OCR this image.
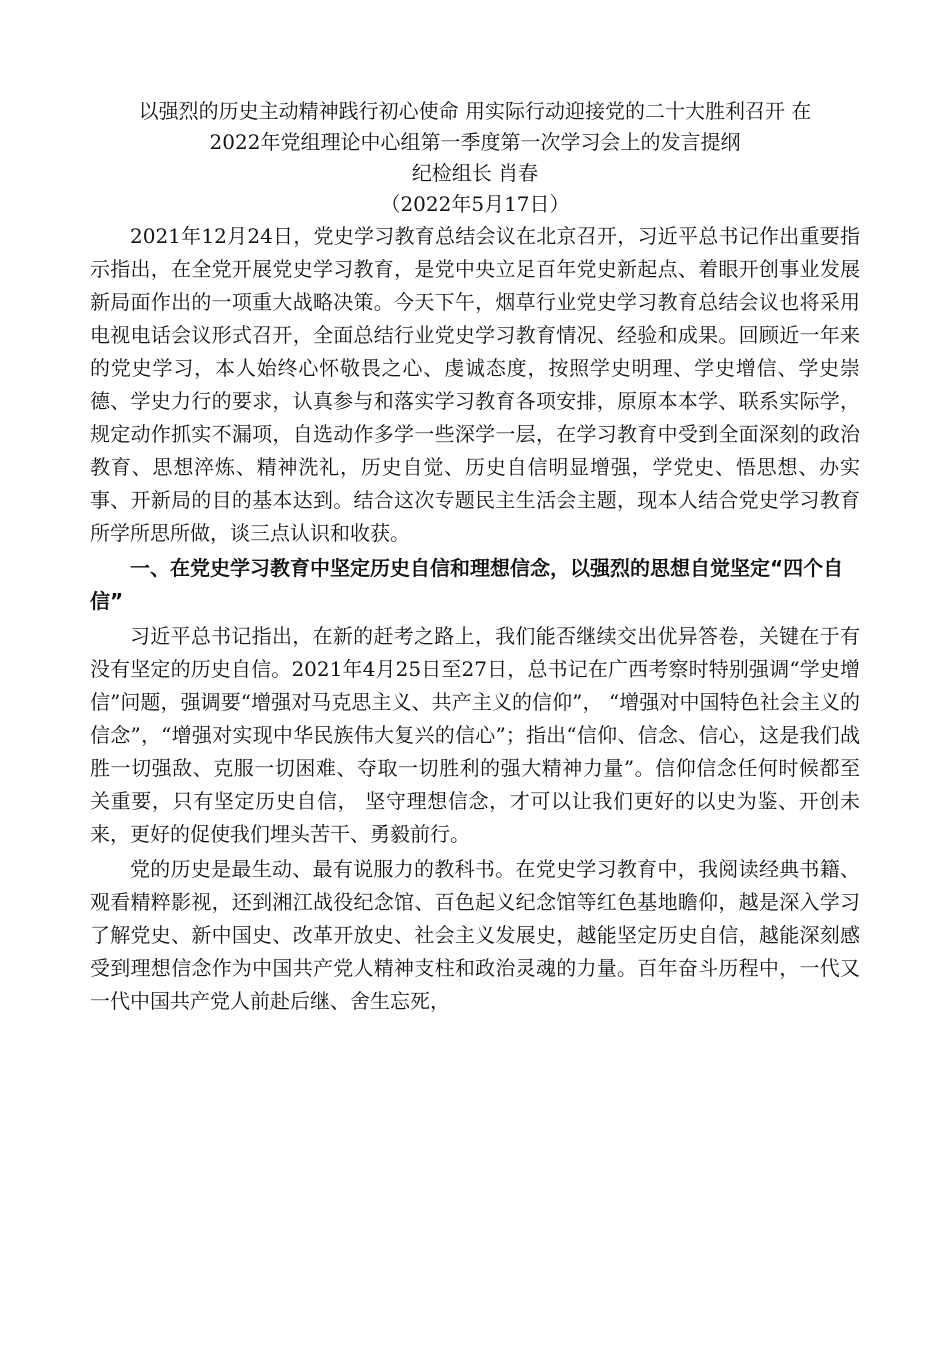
以强烈的历史主动精神践行初心使命 用实际行动迎接党的二十大胜利召开 在

2022年党组理论中心组第一季度第一次学习会上的发言提纲

纪检组长 肖春

（2022年5月17日）

2021年12月24日，党史学习教育总结会议在北京召开，习近平总书记作出重要指示指出，在全党开展党史学习教育，是党中央立足百年党史新起点、着眼开创事业发展新局面作出的一项重大战略决策。今天下午，烟草行业党史学习教育总结会议也将采用电视电话会议形式召开，全面总结行业党史学习教育情况、经验和成果。回顾近一年来的党史学习，本人始终心怀敬畏之心、虔诚态度，按照学史明理、学史增信、学史崇德、学史力行的要求，认真参与和落实学习教育各项安排，原原本本学、联系实际学，规定动作抓实不漏项，自选动作多学一些深学一层，在学习教育中受到全面深刻的政治教育、思想淬炼、精神洗礼，历史自觉、历史自信明显增强，学党史、悟思想、办实事、开新局的目的基本达到。结合这次专题民主生活会主题，现本人结合党史学习教育所学所思所做，谈三点认识和收获。

一、在党史学习教育中坚定历史自信和理想信念，以强烈的思想自觉坚定“四个自信”

习近平总书记指出，在新的赶考之路上，我们能否继续交出优异答卷，关键在于有没有坚定的历史自信。2021年4月25日至27日，总书记在广西考察时特别强调“学史增信”问题，强调要“增强对马克思主义、共产主义的信仰”， “增强对中国特色社会主义的信念”，“增强对实现中华民族伟大复兴的信心”；指出“信仰、信念、信心，这是我们战胜一切强敌、克服一切困难、夺取一切胜利的强大精神力量”。信仰信念任何时候都至关重要，只有坚定历史自信， 坚守理想信念，才可以让我们更好的以史为鉴、开创未来，更好的促使我们埋头苦干、勇毅前行。

党的历史是最生动、最有说服力的教科书。在党史学习教育中，我阅读经典书籍、观看精粹影视，还到湘江战役纪念馆、百色起义纪念馆等红色基地瞻仰，越是深入学习了解党史、新中国史、改革开放史、社会主义发展史，越能坚定历史自信，越能深刻感受到理想信念作为中国共产党人精神支柱和政治灵魂的力量。百年奋斗历程中，一代又一代中国共产党人前赴后继、舍生忘死，
